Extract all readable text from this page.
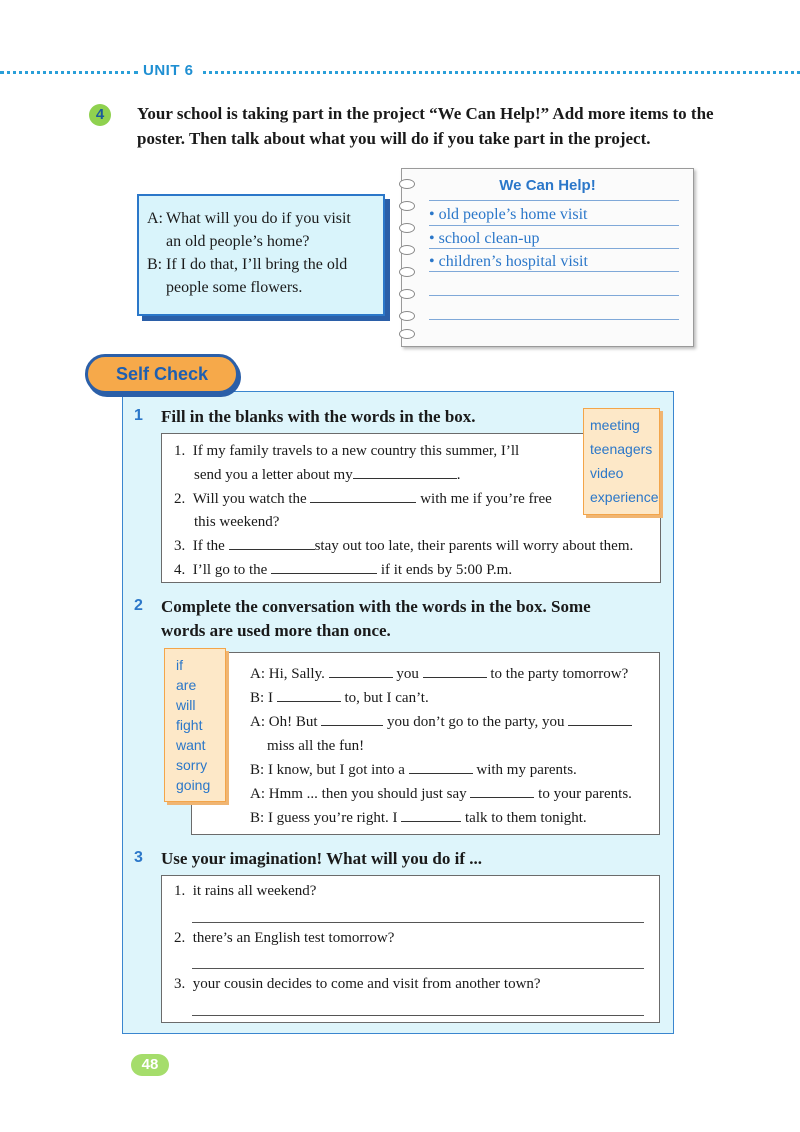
UNIT 6
4	Your school is taking part in the project “We Can Help!” Add more items to the poster. Then talk about what you will do if you take part in the project.
A: What will you do if you visit
an old people’s home?
B: If I do that, I’ll bring the old
people some flowers.
We Can Help!
• old people’s home visit
• school clean-up
• children’s hospital visit
Self Check
1 Fill in the blanks with the words in the box.
1. If my family travels to a new country this summer, I’ll
send you a letter about my	.
2. Will you watch the	with me if you’re free
this weekend?
3. If the	stay out too late, their parents will worry about them.
4. I’ll go to the	if it ends by 5:00 P.m.
meeting
teenagers
video
experience
2 Complete the conversation with the words in the box. Some
words are used more than once.
A: Hi, Sally.	you	to the party tomorrow?
B: I	to, but I can’t.
A: Oh! But	you don’t go to the party, you
miss all the fun!
B: I know, but I got into a	with my parents.
A: Hmm ... then you should just say	to your parents.
B: I guess you’re right. I	talk to them tonight.
if
are
will
fight
want
sorry
going
3 Use your imagination! What will you do if ...
1. it rains all weekend?
2. there’s an English test tomorrow?
3. your cousin decides to come and visit from another town?
48
